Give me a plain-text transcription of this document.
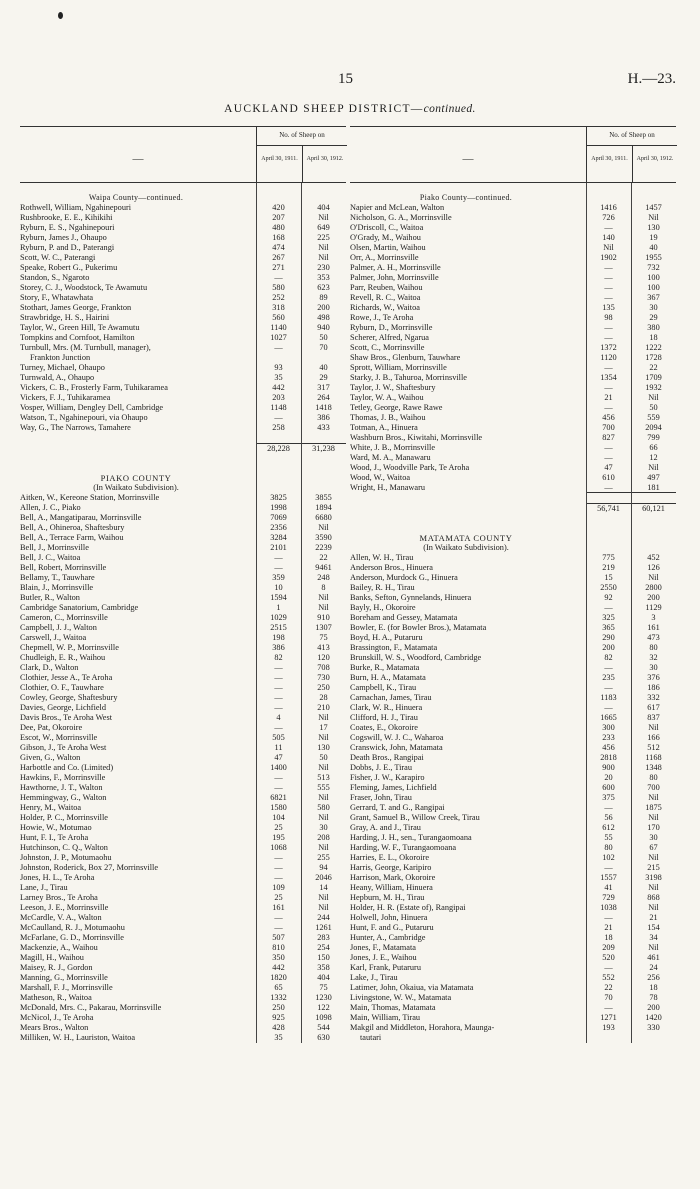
15	H.—23.
AUCKLAND SHEEP DISTRICT—continued.
—
No. of Sheep on
April 30, 1911.	April 30, 1912.
Waipa County—continued.
Rothwell, William, Ngahinepouri	420	404
Rushbrooke, E. E., Kihikihi	207	Nil
Ryburn, E. S., Ngahinepouri	480	649
Ryburn, James J., Ohaupo	168	225
Ryburn, P. and D., Paterangi	474	Nil
Scott, W. C., Paterangi	267	Nil
Speake, Robert G., Pukerimu	271	230
Standon, S., Ngaroto	—	353
Storey, C. J., Woodstock, Te Awamutu	580	623
Story, F., Whatawhata	252	89
Stothart, James George, Frankton	318	200
Strawbridge, H. S., Hairini	560	498
Taylor, W., Green Hill, Te Awamutu	1140	940
Tompkins and Cornfoot, Hamilton	1027	50
Turnbull, Mrs. (M. Turnbull, manager),	—	70
Frankton Junction
Turney, Michael, Ohaupo	93	40
Turnwald, A., Ohaupo	35	29
Vickers, C. B., Frosterly Farm, Tuhikaramea	442	317
Vickers, F. J., Tuhikaramea	203	264
Vosper, William, Dengley Dell, Cambridge	1148	1418
Watson, T., Ngahinepouri, via Ohaupo	—	386
Way, G., The Narrows, Tamahere	258	433
28,228	31,238
PIAKO COUNTY
(In Waikato Subdivision).
Aitken, W., Kereone Station, Morrinsville	3825	3855
Allen, J. C., Piako	1998	1894
Bell, A., Mangatiparau, Morrinsville	7069	6680
Bell, A., Ohineroa, Shaftesbury	2356	Nil
Bell, A., Terrace Farm, Waihou	3284	3590
Bell, J., Morrinsville	2101	2239
Bell, J. C., Waitoa	—	22
Bell, Robert, Morrinsville	—	9461
Bellamy, T., Tauwhare	359	248
Blain, J., Morrinsville	10	8
Butler, R., Walton	1594	Nil
Cambridge Sanatorium, Cambridge	1	Nil
Cameron, C., Morrinsville	1029	910
Campbell, J. J., Walton	2515	1307
Carswell, J., Waitoa	198	75
Chepmell, W. P., Morrinsville	386	413
Chudleigh, E. R., Waihou	82	120
Clark, D., Walton	—	708
Clothier, Jesse A., Te Aroha	—	730
Clothier, O. F., Tauwhare	—	250
Cowley, George, Shaftesbury	—	28
Davies, George, Lichfield	—	210
Davis Bros., Te Aroha West	4	Nil
Dee, Pat, Okoroire	—	17
Escot, W., Morrinsville	505	Nil
Gibson, J., Te Aroha West	11	130
Given, G., Walton	47	50
Harbottle and Co. (Limited)	1400	Nil
Hawkins, F., Morrinsville	—	513
Hawthorne, J. T., Walton	—	555
Hemmingway, G., Walton	6821	Nil
Henry, M., Waitoa	1580	580
Holder, P. C., Morrinsville	104	Nil
Howie, W., Motumao	25	30
Hunt, F. I., Te Aroha	195	208
Hutchinson, C. Q., Walton	1068	Nil
Johnston, J. P., Motumaohu	—	255
Johnston, Roderick, Box 27, Morrinsville	—	94
Jones, H. L., Te Aroha	—	2046
Lane, J., Tirau	109	14
Larney Bros., Te Aroha	25	Nil
Leeson, J. E., Morrinsville	161	Nil
McCardle, V. A., Walton	—	244
McCaulland, R. J., Motumaohu	—	1261
McFarlane, G. D., Morrinsville	507	283
Mackenzie, A., Waihou	810	254
Magill, H., Waihou	350	150
Maisey, R. J., Gordon	442	358
Manning, G., Morrinsville	1820	404
Marshall, F. J., Morrinsville	65	75
Matheson, R., Waitoa	1332	1230
McDonald, Mrs. C., Pakarau, Morrinsville	250	122
McNicol, J., Te Aroha	925	1098
Mears Bros., Walton	428	544
Milliken, W. H., Lauriston, Waitoa	35	630
—
No. of Sheep on
April 30, 1911.	April 30, 1912.
Piako County—continued.
Napier and McLean, Walton	1416	1457
Nicholson, G. A., Morrinsville	726	Nil
O'Driscoll, C., Waitoa	—	130
O'Grady, M., Waihou	140	19
Olsen, Martin, Waihou	Nil	40
Orr, A., Morrinsville	1902	1955
Palmer, A. H., Morrinsville	—	732
Palmer, John, Morrinsville	—	100
Parr, Reuben, Waihou	—	100
Revell, R. C., Waitoa	—	367
Richards, W., Waitoa	135	30
Rowe, J., Te Aroha	98	29
Ryburn, D., Morrinsville	—	380
Scherer, Alfred, Ngarua	—	18
Scott, C., Morrinsville	1372	1222
Shaw Bros., Glenburn, Tauwhare	1120	1728
Sprott, William, Morrinsville	—	22
Starky, J. B., Tahuroa, Morrinsville	1354	1709
Taylor, J. W., Shaftesbury	—	1932
Taylor, W. A., Waihou	21	Nil
Tetley, George, Rawe Rawe	—	50
Thomas, J. B., Waihou	456	559
Totman, A., Hinuera	700	2094
Washburn Bros., Kiwitahi, Morrinsville	827	799
White, J. B., Morrinsville	—	66
Ward, M. A., Manawaru	—	12
Wood, J., Woodville Park, Te Aroha	47	Nil
Wood, W., Waitoa	610	497
Wright, H., Manawaru	—	181
56,741	60,121
MATAMATA COUNTY
(In Waikato Subdivision).
Allen, W. H., Tirau	775	452
Anderson Bros., Hinuera	219	126
Anderson, Murdock G., Hinuera	15	Nil
Bailey, R. H., Tirau	2550	2800
Banks, Sefton, Gynnelands, Hinuera	92	200
Bayly, H., Okoroire	—	1129
Boreham and Gessey, Matamata	325	3
Bowler, E. (for Bowler Bros.), Matamata	365	161
Boyd, H. A., Putaruru	290	473
Brassington, F., Matamata	200	80
Brunskill, W. S., Woodford, Cambridge	82	32
Burke, R., Matamata	—	30
Burn, H. A., Matamata	235	376
Campbell, K., Tirau	—	186
Carnachan, James, Tirau	1183	332
Clark, W. R., Hinuera	—	617
Clifford, H. J., Tirau	1665	837
Coates, E., Okoroire	300	Nil
Cogswill, W. J. C., Waharoa	233	166
Cranswick, John, Matamata	456	512
Death Bros., Rangipai	2818	1168
Dobbs, J. E., Tirau	900	1348
Fisher, J. W., Karapiro	20	80
Fleming, James, Lichfield	600	700
Fraser, John, Tirau	375	Nil
Gerrard, T. and G., Rangipai	—	1875
Grant, Samuel B., Willow Creek, Tirau	56	Nil
Gray, A. and J., Tirau	612	170
Harding, J. H., sen., Turangaomoana	55	30
Harding, W. F., Turangaomoana	80	67
Harries, E. L., Okoroire	102	Nil
Harris, George, Karipiro	—	215
Harrison, Mark, Okoroire	1557	3198
Heany, William, Hinuera	41	Nil
Hepburn, M. H., Tirau	729	868
Holder, H. R. (Estate of), Rangipai	1038	Nil
Holwell, John, Hinuera	—	21
Hunt, F. and G., Putaruru	21	154
Hunter, A., Cambridge	18	34
Jones, F., Matamata	209	Nil
Jones, J. E., Waihou	520	461
Karl, Frank, Putaruru	—	24
Lake, J., Tirau	552	256
Latimer, John, Okaiua, via Matamata	22	18
Livingstone, W. W., Matamata	70	78
Main, Thomas, Matamata	—	200
Main, William, Tirau	1271	1420
Makgil and Middleton, Horahora, Maunga-	193	330
tautari
